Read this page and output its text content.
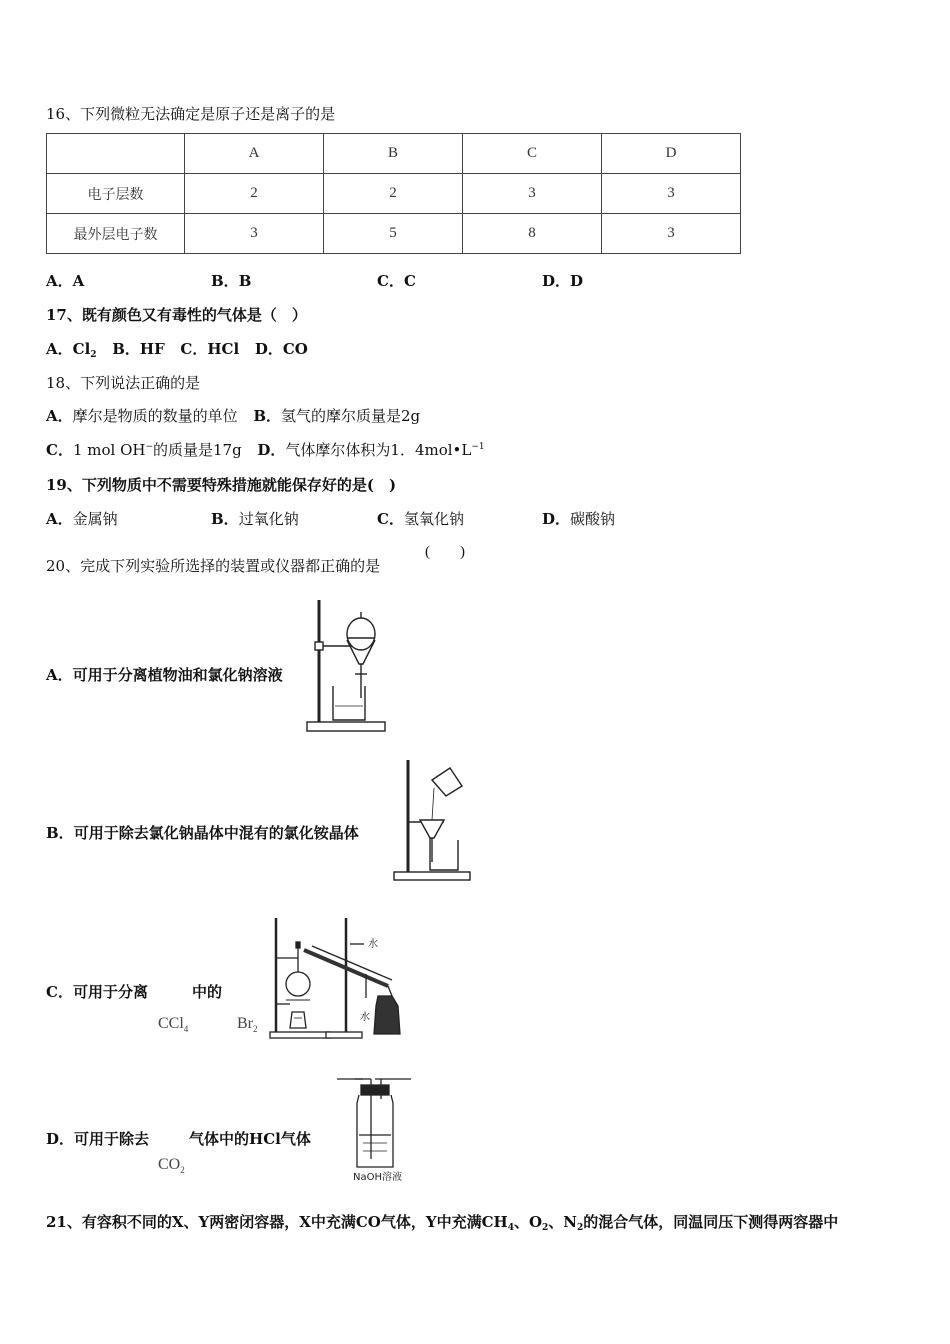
16、下列微粒无法确定是原子还是离子的是
	A	B	C	D
电子层数	2	2	3	3
最外层电子数	3	5	8	3
A．A	B．B	C．C	D．D
17、既有颜色又有毒性的气体是（　）
A．$Cl_2$ B．HF C．HCl D．CO
18、下列说法正确的是
A．摩尔是物质的数量的单位 B．氢气的摩尔质量是2g
C．1 mol OH−的质量是17g D．气体摩尔体积为1．$4mol•L^{-1}$
19、下列物质中不需要特殊措施就能保存好的是(　)
A．金属钠	B．过氧化钠	C．氢氧化钠	D．碳酸钠
20、完成下列实验所选择的装置或仪器都正确的是
(　　)
A．可用于分离植物油和氯化钠溶液
B．可用于除去氯化钠晶体中混有的氯化铵晶体
C．可用于分离	中的
CCl$_4$	$Br_2$
水
水
D．可用于除去	气体中的HCl气体
$CO_2$
NaOH溶液
21、有容积不同的X、Y两密闭容器，X中充满CO气体，Y中充满$CH_4$、$O_2$、$N_2$的混合气体，同温同压下测得两容器中
